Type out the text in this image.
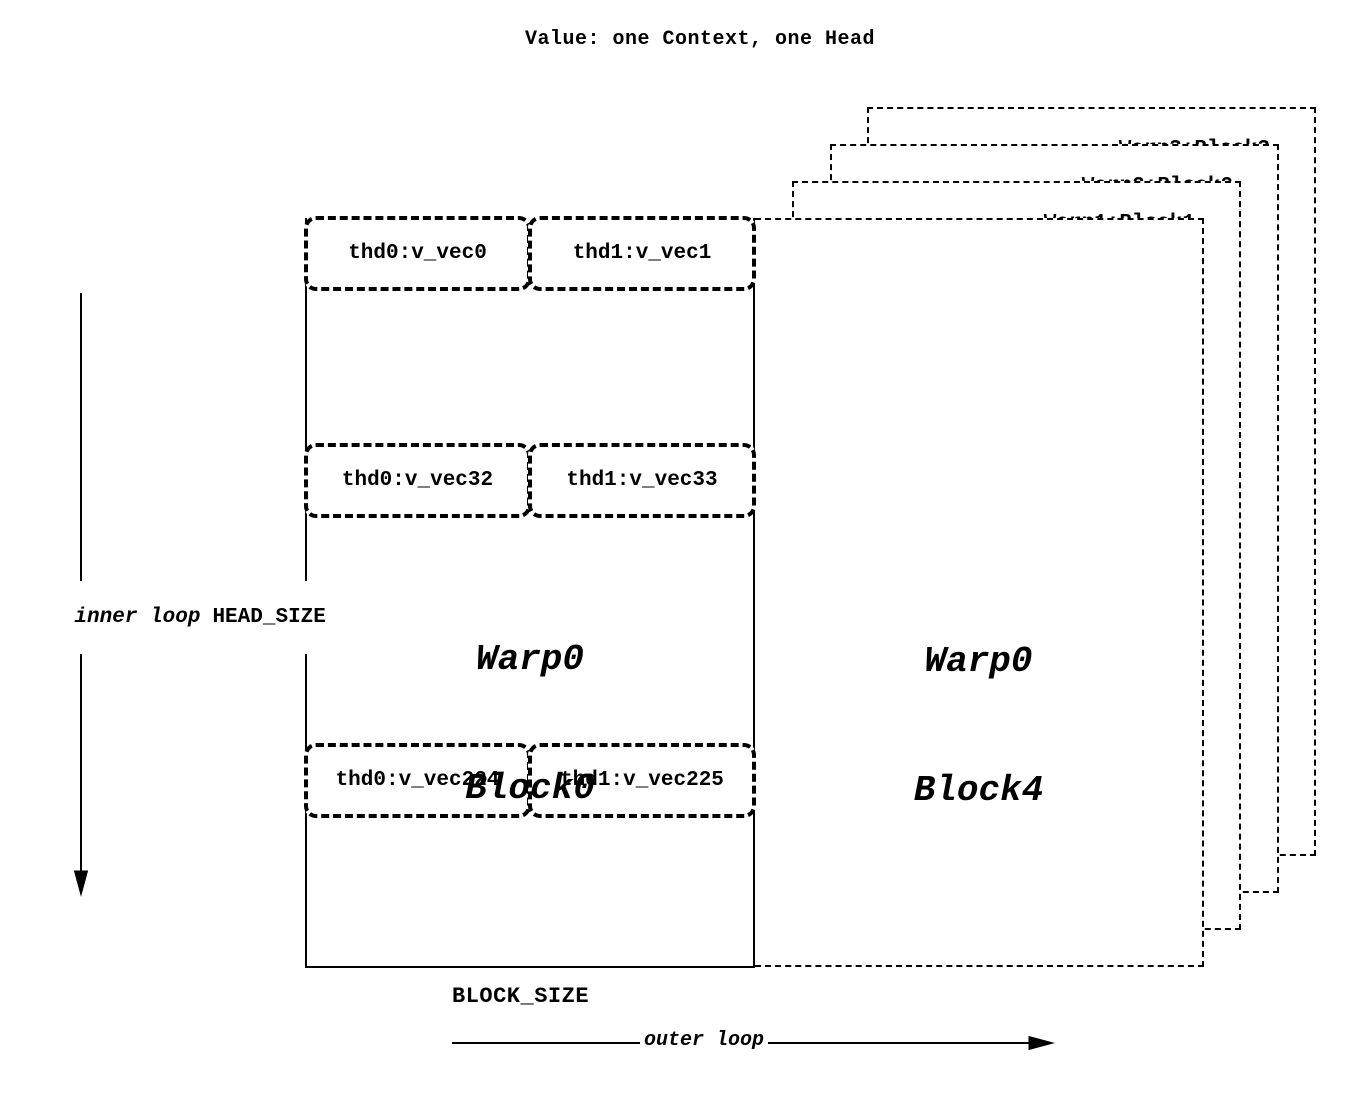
Value: one Context, one Head

Warp0

Block4

thd0:v_vec0	thd1:v_vec1
thd0:v_vec32	thd1:v_vec33
thd0:v_vec224	thd1:v_vec225

Warp0

Block0

inner loop HEAD_SIZE

BLOCK_SIZE
outer loop
